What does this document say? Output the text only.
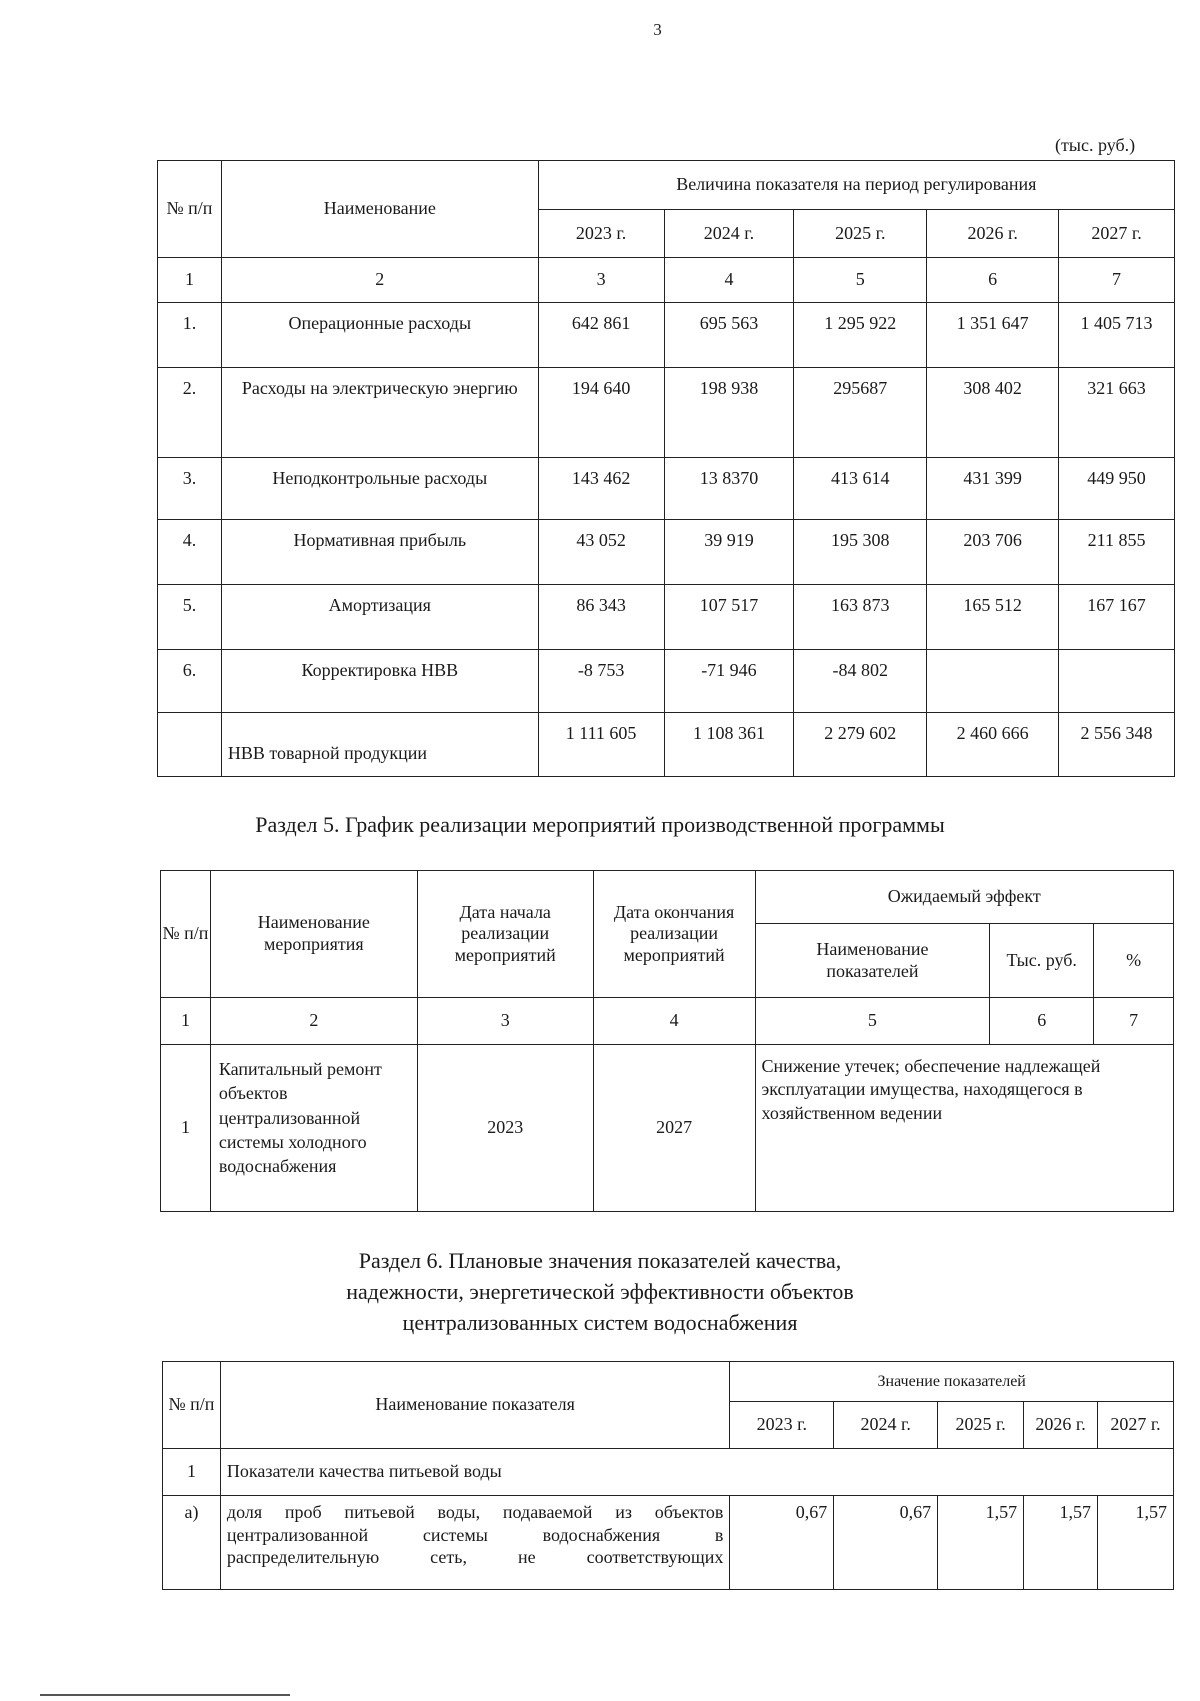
3
(тыс. руб.)
№ п/п	Наименование	Величина показателя на период регулирования				
		2023 г.	2024 г.	2025 г.	2026 г.	2027 г.
1	2	3	4	5	6	7
1.	Операционные расходы	642 861	695 563	1 295 922	1 351 647	1 405 713
2.	Расходы на электрическую энергию	194 640	198 938	295687	308 402	321 663
3.	Неподконтрольные расходы	143 462	13 8370	413 614	431 399	449 950
4.	Нормативная прибыль	43 052	39 919	195 308	203 706	211 855
5.	Амортизация	86 343	107 517	163 873	165 512	167 167
6.	Корректировка НВВ	-8 753	-71 946	-84 802		
	НВВ товарной продукции	1 111 605	1 108 361	2 279 602	2 460 666	2 556 348
Раздел 5. График реализации мероприятий производственной программы
№ п/п	Наименование мероприятия	Дата начала реализации мероприятий	Дата окончания реализации мероприятий	Ожидаемый эффект		
				Наименование показателей	Тыс. руб.	%
1	2	3	4	5	6	7
1	Капитальный ремонт объектов централизованной системы холодного водоснабжения	2023	2027	Снижение утечек; обеспечение надлежащей эксплуатации имущества, находящегося в хозяйственном ведении		
Раздел 6. Плановые значения показателей качества,
надежности, энергетической эффективности объектов
централизованных систем водоснабжения
№ п/п	Наименование показателя	Значение показателей				
		2023 г.	2024 г.	2025 г.	2026 г.	2027 г.
1	Показатели качества питьевой воды					
а)	доля проб питьевой воды, подаваемой из объектов
централизованной системы водоснабжения в
распределительную сеть, не соответствующих	0,67	0,67	1,57	1,57	1,57
